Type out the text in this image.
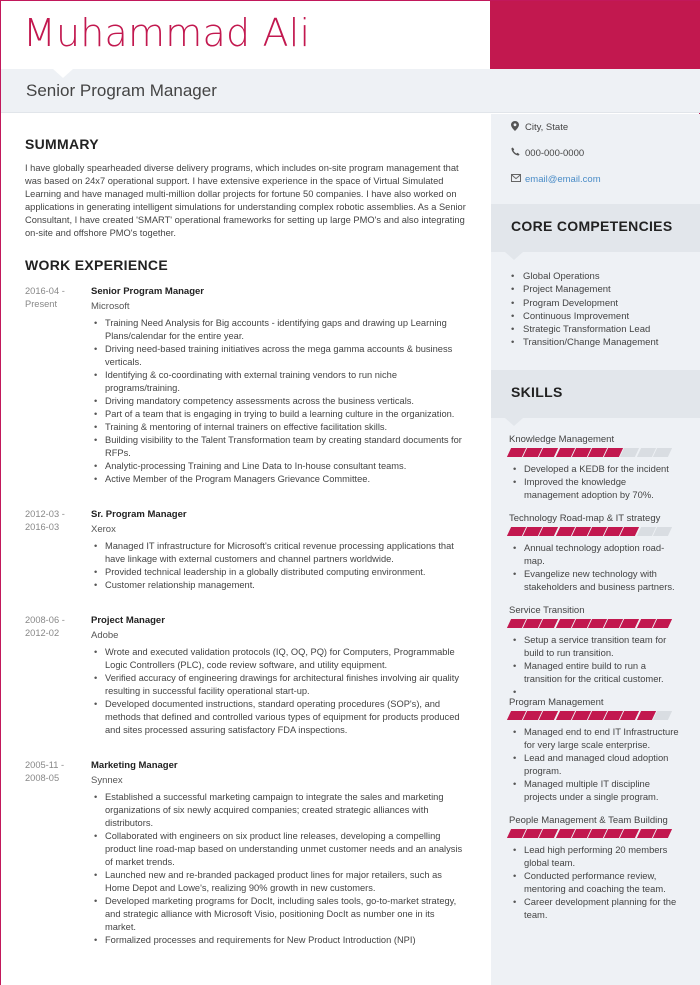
Muhammad Ali
Senior Program Manager
SUMMARY

I have globally spearheaded diverse delivery programs, which includes on-site program management that was based on 24x7 operational support. I have extensive experience in the space of Virtual Simulated Learning and have managed multi-million dollar projects for fortune 50 companies. I have also worked on applications in generating intelligent simulations for understanding complex robotic assemblies. As a Senior Consultant, I have created 'SMART' operational frameworks for setting up large PMO's and also integrating on-site and offshore PMO's together.

WORK EXPERIENCE
2016-04 - Present
Senior Program Manager
Microsoft
• Training Need Analysis for Big accounts - identifying gaps and drawing up Learning Plans/calendar for the entire year.
• Driving need-based training initiatives across the mega gamma accounts & business verticals.
• Identifying & co-coordinating with external training vendors to run niche programs/training.
• Driving mandatory competency assessments across the business verticals.
• Part of a team that is engaging in trying to build a learning culture in the organization.
• Training & mentoring of internal trainers on effective facilitation skills.
• Building visibility to the Talent Transformation team by creating standard documents for RFPs.
• Analytic-processing Training and Line Data to In-house consultant teams.
• Active Member of the Program Managers Grievance Committee.
2012-03 - 2016-03
Sr. Program Manager
Xerox
• Managed IT infrastructure for Microsoft's critical revenue processing applications that have linkage with external customers and channel partners worldwide.
• Provided technical leadership in a globally distributed computing environment.
• Customer relationship management.
2008-06 - 2012-02
Project Manager
Adobe
• Wrote and executed validation protocols (IQ, OQ, PQ) for Computers, Programmable Logic Controllers (PLC), code review software, and utility equipment.
• Verified accuracy of engineering drawings for architectural finishes involving air quality resulting in successful facility operational start-up.
• Developed documented instructions, standard operating procedures (SOP's), and methods that defined and controlled various types of equipment for products produced and sites processed assuring satisfactory FDA inspections.
2005-11 - 2008-05
Marketing Manager
Synnex
• Established a successful marketing campaign to integrate the sales and marketing organizations of six newly acquired companies; created strategic alliances with distributors.
• Collaborated with engineers on six product line releases, developing a compelling product line road-map based on understanding unmet customer needs and an analysis of market trends.
• Launched new and re-branded packaged product lines for major retailers, such as Home Depot and Lowe's, realizing 90% growth in new customers.
• Developed marketing programs for DocIt, including sales tools, go-to-market strategy, and strategic alliance with Microsoft Visio, positioning DocIt as number one in its market.
• Formalized processes and requirements for New Product Introduction (NPI)
City, State
000-000-0000
email@email.com
CORE COMPETENCIES
• Global Operations
• Project Management
• Program Development
• Continuous Improvement
• Strategic Transformation Lead
• Transition/Change Management
SKILLS
Knowledge Management
• Developed a KEDB for the incident
• Improved the knowledge management adoption by 70%.
Technology Road-map & IT strategy
• Annual technology adoption road-map.
• Evangelize new technology with stakeholders and business partners.
Service Transition
• Setup a service transition team for build to run transition.
• Managed entire build to run a transition for the critical customer.
Program Management
• Managed end to end IT Infrastructure for very large scale enterprise.
• Lead and managed cloud adoption program.
• Managed multiple IT discipline projects under a single program.
People Management & Team Building
• Lead high performing 20 members global team.
• Conducted performance review, mentoring and coaching the team.
• Career development planning for the team.
